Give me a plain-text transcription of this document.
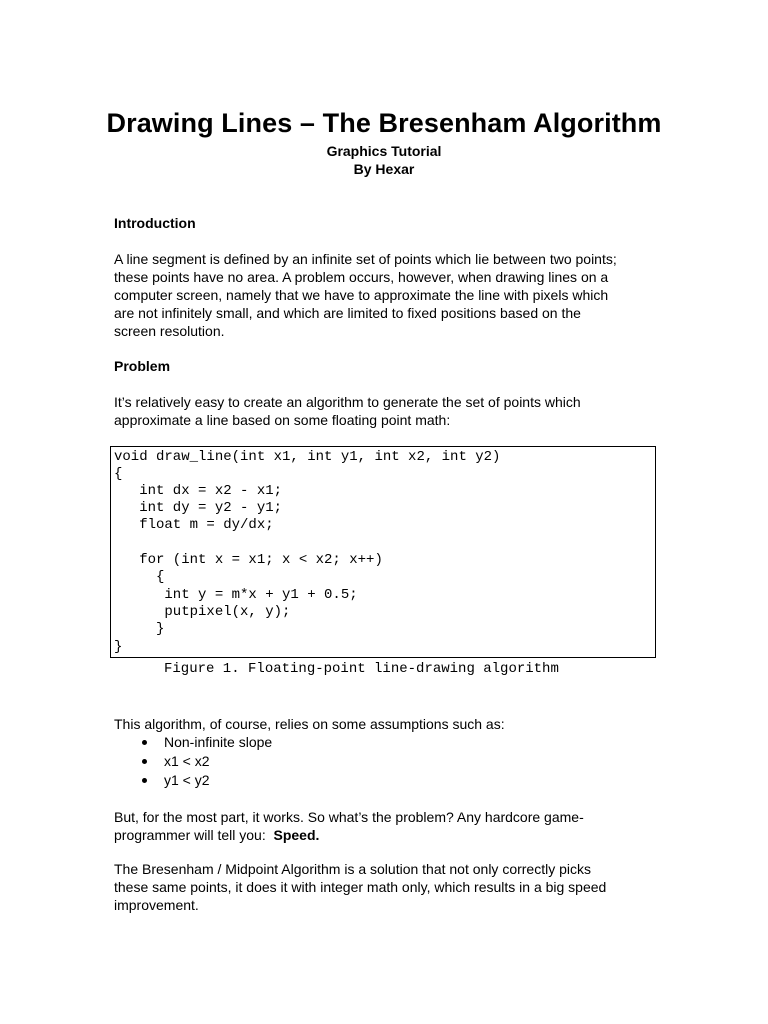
Drawing Lines – The Bresenham Algorithm
Graphics Tutorial
By Hexar
Introduction
A line segment is defined by an infinite set of points which lie between two points;
these points have no area. A problem occurs, however, when drawing lines on a
computer screen, namely that we have to approximate the line with pixels which
are not infinitely small, and which are limited to fixed positions based on the
screen resolution.
Problem
It’s relatively easy to create an algorithm to generate the set of points which
approximate a line based on some floating point math:
void draw_line(int x1, int y1, int x2, int y2)
{
int dx = x2 - x1;
int dy = y2 - y1;
float m = dy/dx;
for (int x = x1; x < x2; x++)
{
int y = m*x + y1 + 0.5;
putpixel(x, y);
}
}
Figure 1. Floating-point line-drawing algorithm
This algorithm, of course, relies on some assumptions such as:
Non-infinite slope
x1 < x2
y1 < y2
But, for the most part, it works. So what’s the problem? Any hardcore game-
programmer will tell you:  Speed.
The Bresenham / Midpoint Algorithm is a solution that not only correctly picks
these same points, it does it with integer math only, which results in a big speed
improvement.
